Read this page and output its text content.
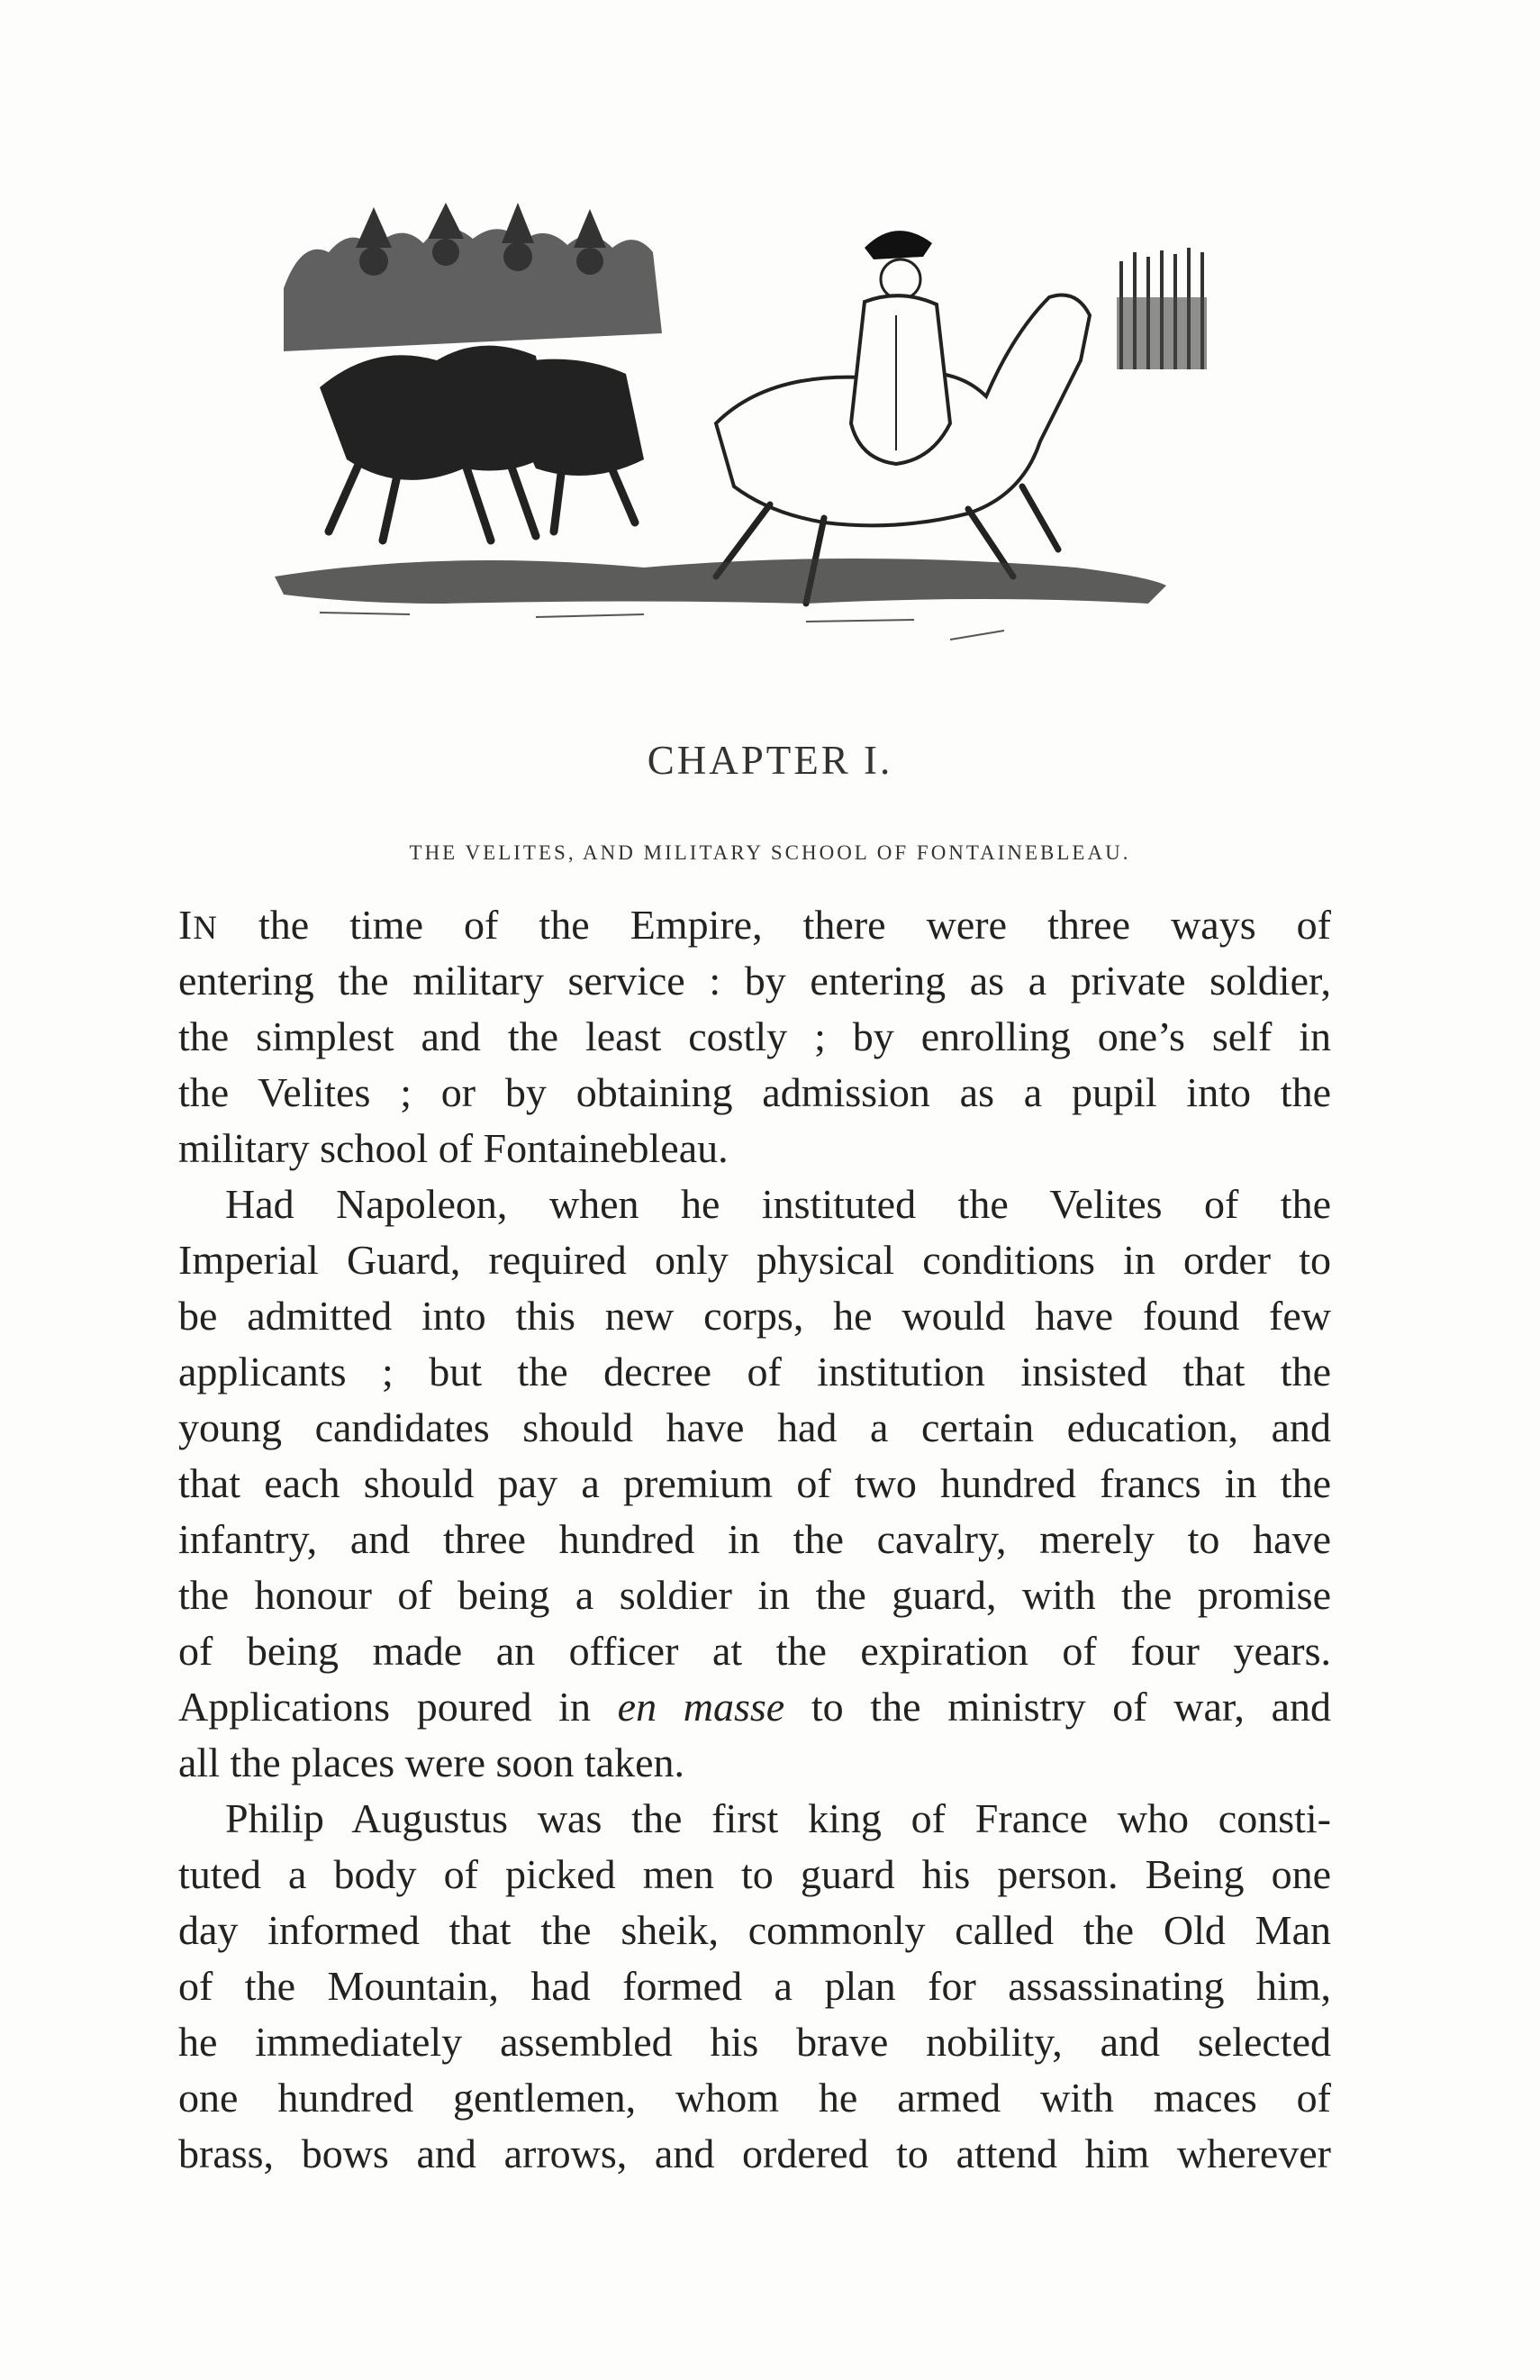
CHAPTER I.
THE VELITES, AND MILITARY SCHOOL OF FONTAINEBLEAU.
IN the time of the Empire, there were three ways of
entering the military service : by entering as a private soldier,
the simplest and the least costly ; by enrolling one’s self in
the Velites ; or by obtaining admission as a pupil into the
military school of Fontainebleau.
Had Napoleon, when he instituted the Velites of the
Imperial Guard, required only physical conditions in order to
be admitted into this new corps, he would have found few
applicants ; but the decree of institution insisted that the
young candidates should have had a certain education, and
that each should pay a premium of two hundred francs in the
infantry, and three hundred in the cavalry, merely to have
the honour of being a soldier in the guard, with the promise
of being made an officer at the expiration of four years.
Applications poured in en masse to the ministry of war, and
all the places were soon taken.
Philip Augustus was the first king of France who consti-
tuted a body of picked men to guard his person. Being one
day informed that the sheik, commonly called the Old Man
of the Mountain, had formed a plan for assassinating him,
he immediately assembled his brave nobility, and selected
one hundred gentlemen, whom he armed with maces of
brass, bows and arrows, and ordered to attend him wherever
